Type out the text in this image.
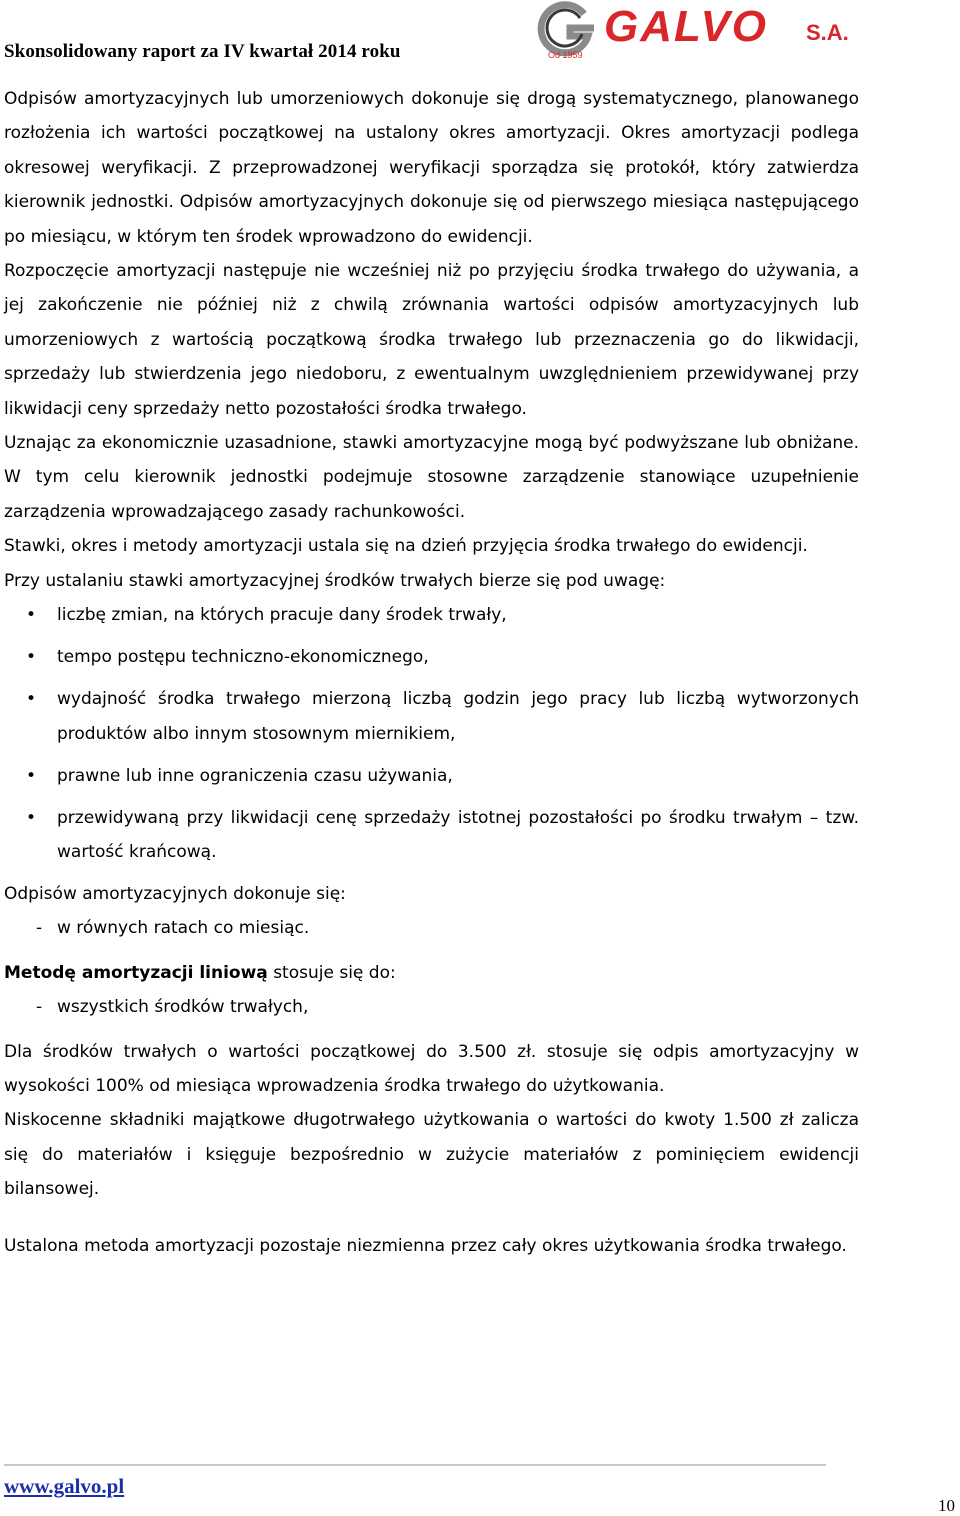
Skonsolidowany raport za IV kwartał 2014 roku
GALVO S.A.
Od 1959

Odpisów amortyzacyjnych lub umorzeniowych dokonuje się drogą systematycznego, planowanego rozłożenia ich wartości początkowej na ustalony okres amortyzacji. Okres amortyzacji podlega okresowej weryfikacji. Z przeprowadzonej weryfikacji sporządza się protokół, który zatwierdza kierownik jednostki. Odpisów amortyzacyjnych dokonuje się od pierwszego miesiąca następującego po miesiącu, w którym ten środek wprowadzono do ewidencji.

Rozpoczęcie amortyzacji następuje nie wcześniej niż po przyjęciu środka trwałego do używania, a jej zakończenie nie później niż z chwilą zrównania wartości odpisów amortyzacyjnych lub umorzeniowych z wartością początkową środka trwałego lub przeznaczenia go do likwidacji, sprzedaży lub stwierdzenia jego niedoboru, z ewentualnym uwzględnieniem przewidywanej przy likwidacji ceny sprzedaży netto pozostałości środka trwałego.

Uznając za ekonomicznie uzasadnione, stawki amortyzacyjne mogą być podwyższane lub obniżane. W tym celu kierownik jednostki podejmuje stosowne zarządzenie stanowiące uzupełnienie zarządzenia wprowadzającego zasady rachunkowości.

Stawki, okres i metody amortyzacji ustala się na dzień przyjęcia środka trwałego do ewidencji.

Przy ustalaniu stawki amortyzacyjnej środków trwałych bierze się pod uwagę:

• liczbę zmian, na których pracuje dany środek trwały,
• tempo postępu techniczno-ekonomicznego,
• wydajność środka trwałego mierzoną liczbą godzin jego pracy lub liczbą wytworzonych produktów albo innym stosownym miernikiem,
• prawne lub inne ograniczenia czasu używania,
• przewidywaną przy likwidacji cenę sprzedaży istotnej pozostałości po środku trwałym – tzw. wartość krańcową.

Odpisów amortyzacyjnych dokonuje się:

- w równych ratach co miesiąc.

Metodę amortyzacji liniową stosuje się do:

- wszystkich środków trwałych,

Dla środków trwałych o wartości początkowej do 3.500 zł. stosuje się odpis amortyzacyjny w wysokości 100% od miesiąca wprowadzenia środka trwałego do użytkowania.

Niskocenne składniki majątkowe długotrwałego użytkowania o wartości do kwoty 1.500 zł zalicza się do materiałów i księguje bezpośrednio w zużycie materiałów z pominięciem ewidencji bilansowej.

Ustalona metoda amortyzacji pozostaje niezmienna przez cały okres użytkowania środka trwałego.

www.galvo.pl
10
